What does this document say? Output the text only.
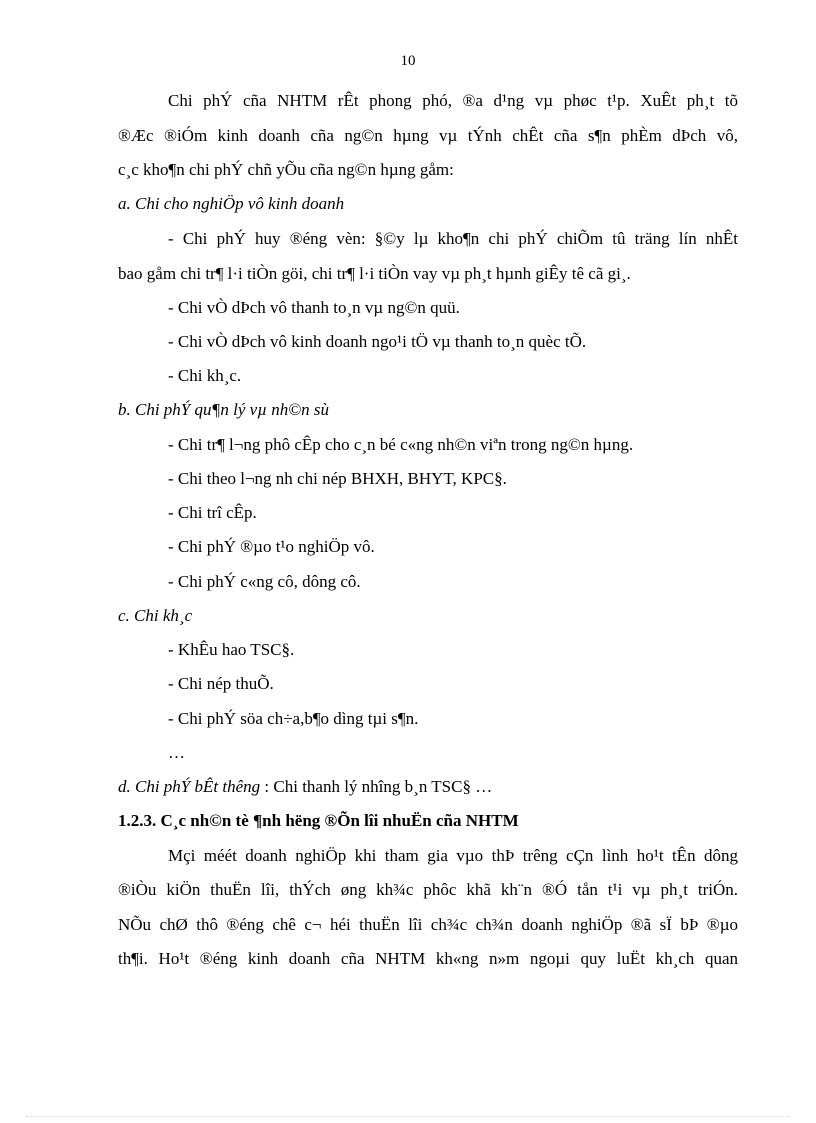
10
Chi phÝ cña NHTM rÊt phong phó, ®a d¹ng vµ phøc t¹p. XuÊt ph¸t tõ
®Æc ®iÓm kinh doanh cña ng©n hµng vµ tÝnh chÊt cña s¶n phÈm dÞch vô,
c¸c kho¶n chi phÝ chñ yÕu cña ng©n hµng gåm:
a. Chi cho nghiÖp vô kinh doanh
- Chi phÝ huy ®éng vèn: §©y lµ kho¶n chi phÝ chiÕm tû träng lín nhÊt
bao gåm chi tr¶ l·i tiÒn göi, chi tr¶ l·i tiÒn vay vµ ph¸t hµnh giÊy tê cã gi¸.
- Chi vÒ dÞch vô thanh to¸n vµ ng©n quü.
- Chi vÒ dÞch vô kinh doanh ngo¹i tÖ vµ thanh to¸n quèc tÕ.
- Chi kh¸c.
b. Chi phÝ qu¶n lý vµ nh©n sù
- Chi tr¶ l¬ng phô cÊp cho c¸n bé c«ng nh©n viªn trong ng©n hµng.
- Chi theo l¬ng nh chi nép BHXH, BHYT, KPC§.
- Chi trî cÊp.
- Chi phÝ ®µo t¹o nghiÖp vô.
- Chi phÝ c«ng cô, dông cô.
c. Chi kh¸c
- KhÊu hao TSC§.
- Chi nép thuÕ.
- Chi phÝ söa ch÷a,b¶o dìng tµi s¶n.
…
d. Chi phÝ bÊt thêng : Chi thanh lý nhîng b¸n TSC§ …
1.2.3. C¸c nh©n tè ¶nh hëng ®Õn lîi nhuËn cña NHTM
Mçi méét doanh nghiÖp khi tham gia vµo thÞ trêng cÇn lình ho¹t tÊn dông
®iÒu kiÖn thuËn lîi, thÝch øng kh¾c phôc khã kh¨n ®Ó tån t¹i vµ ph¸t triÓn.
NÕu chØ thô ®éng chê c¬ héi thuËn lîi ch¾c ch¾n doanh nghiÖp ®ã sÏ bÞ ®µo
th¶i. Ho¹t ®éng kinh doanh cña NHTM kh«ng n»m ngoµi quy luËt kh¸ch quan
